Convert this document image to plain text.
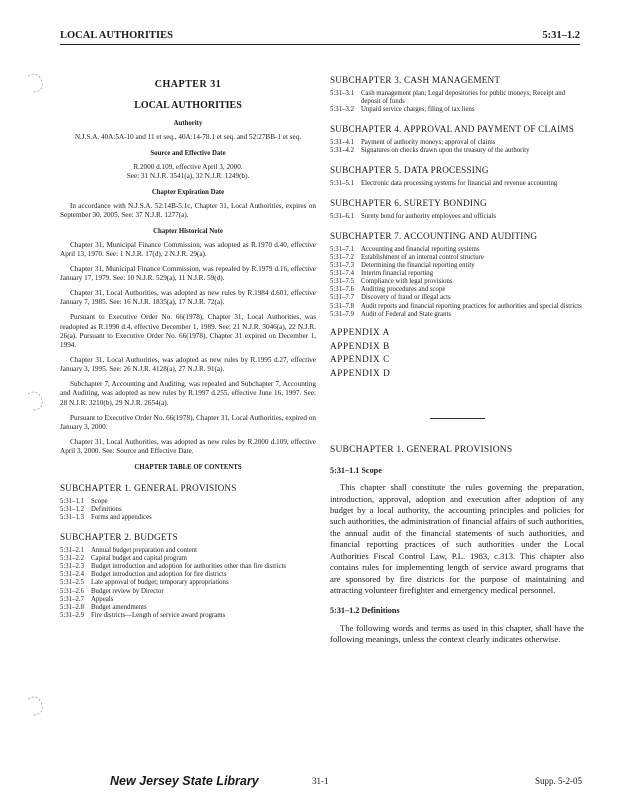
LOCAL AUTHORITIES	5:31–1.2
CHAPTER 31
LOCAL AUTHORITIES
Authority

N.J.S.A. 40A:5A-10 and 11 et seq., 40A:14-78.1 et seq. and 52:27BB-1 et seq.

Source and Effective Date

R.2000 d.109, effective April 3, 2000.

See: 31 N.J.R. 3541(a), 32 N.J.R. 1249(b).

Chapter Expiration Date

In accordance with N.J.S.A. 52:14B-5.1c, Chapter 31, Local Authorities, expires on September 30, 2005. See: 37 N.J.R. 1277(a).

Chapter Historical Note

Chapter 31, Municipal Finance Commission, was adopted as R.1970 d.40, effective April 13, 1970. See: 1 N.J.R. 17(d), 2 N.J.R. 29(a).

Chapter 31, Municipal Finance Commission, was repealed by R.1979 d.16, effective January 17, 1979. See: 10 N.J.R. 529(a), 11 N.J.R. 59(d).

Chapter 31, Local Authorities, was adopted as new rules by R.1984 d.601, effective January 7, 1985. See: 16 N.J.R. 1835(a), 17 N.J.R. 72(a).

Pursuant to Executive Order No. 66(1978), Chapter 31, Local Authorities, was readopted as R.1990 d.4, effective December 1, 1989. See: 21 N.J.R. 3046(a), 22 N.J.R. 26(a). Pursuant to Executive Order No. 66(1978), Chapter 31 expired on December 1, 1994.

Chapter 31, Local Authorities, was adopted as new rules by R.1995 d.27, effective January 3, 1995. See: 26 N.J.R. 4128(a), 27 N.J.R. 91(a).

Subchapter 7, Accounting and Auditing, was repealed and Subchapter 7, Accounting and Auditing, was adopted as new rules by R.1997 d.255, effective June 16, 1997. See: 28 N.J.R. 3210(b), 29 N.J.R. 2654(a).

Pursuant to Executive Order No. 66(1978), Chapter 31, Local Authorities, expired on January 3, 2000.

Chapter 31, Local Authorities, was adopted as new rules by R.2000 d.109, effective April 3, 2000. See: Source and Effective Date.

CHAPTER TABLE OF CONTENTS
SUBCHAPTER 1. GENERAL PROVISIONS
5:31–1.1	Scope
5:31–1.2	Definitions
5:31–1.3	Forms and appendices
SUBCHAPTER 2. BUDGETS
5:31–2.1	Annual budget preparation and content
5:31–2.2	Capital budget and capital program
5:31–2.3	Budget introduction and adoption for authorities other than fire districts
5:31–2.4	Budget introduction and adoption for fire districts
5:31–2.5	Late approval of budget; temporary appropriations
5:31–2.6	Budget review by Director
5:31–2.7	Appeals
5:31–2.8	Budget amendments
5:31–2.9	Fire districts—Length of service award programs
SUBCHAPTER 3. CASH MANAGEMENT
5:31–3.1	Cash management plan; Legal depositories for public moneys; Receipt and deposit of funds
5:31–3.2	Unpaid service charges; filing of tax liens
SUBCHAPTER 4. APPROVAL AND PAYMENT OF CLAIMS
5:31–4.1	Payment of authority moneys; approval of claims
5:31–4.2	Signatures on checks drawn upon the treasury of the authority
SUBCHAPTER 5. DATA PROCESSING
5:31–5.1	Electronic data processing systems for financial and revenue accounting
SUBCHAPTER 6. SURETY BONDING
5:31–6.1	Surety bond for authority employees and officials
SUBCHAPTER 7. ACCOUNTING AND AUDITING
5:31–7.1	Accounting and financial reporting systems
5:31–7.2	Establishment of an internal control structure
5:31–7.3	Determining the financial reporting entity
5:31–7.4	Interim financial reporting
5:31–7.5	Compliance with legal provisions
5:31–7.6	Auditing procedures and scope
5:31–7.7	Discovery of fraud or illegal acts
5:31–7.8	Audit reports and financial reporting practices for authorities and special districts
5:31–7.9	Audit of Federal and State grants
APPENDIX A
APPENDIX B
APPENDIX C
APPENDIX D
SUBCHAPTER 1. GENERAL PROVISIONS
5:31–1.1 Scope

This chapter shall constitute the rules governing the preparation, introduction, approval, adoption and execution after adoption of any budget by a local authority, the accounting principles and policies for such authorities, the administration of financial affairs of such authorities, the annual audit of the financial statements of such authorities, and financial reporting practices of such authorities under the Local Authorities Fiscal Control Law, P.L. 1983, c.313. This chapter also contains rules for implementing length of service award programs that are sponsored by fire districts for the purpose of maintaining and attracting volunteer firefighter and emergency medical personnel.

5:31–1.2 Definitions

The following words and terms as used in this chapter, shall have the following meanings, unless the context clearly indicates otherwise.

New Jersey State Library	31-1	Supp. 5-2-05
